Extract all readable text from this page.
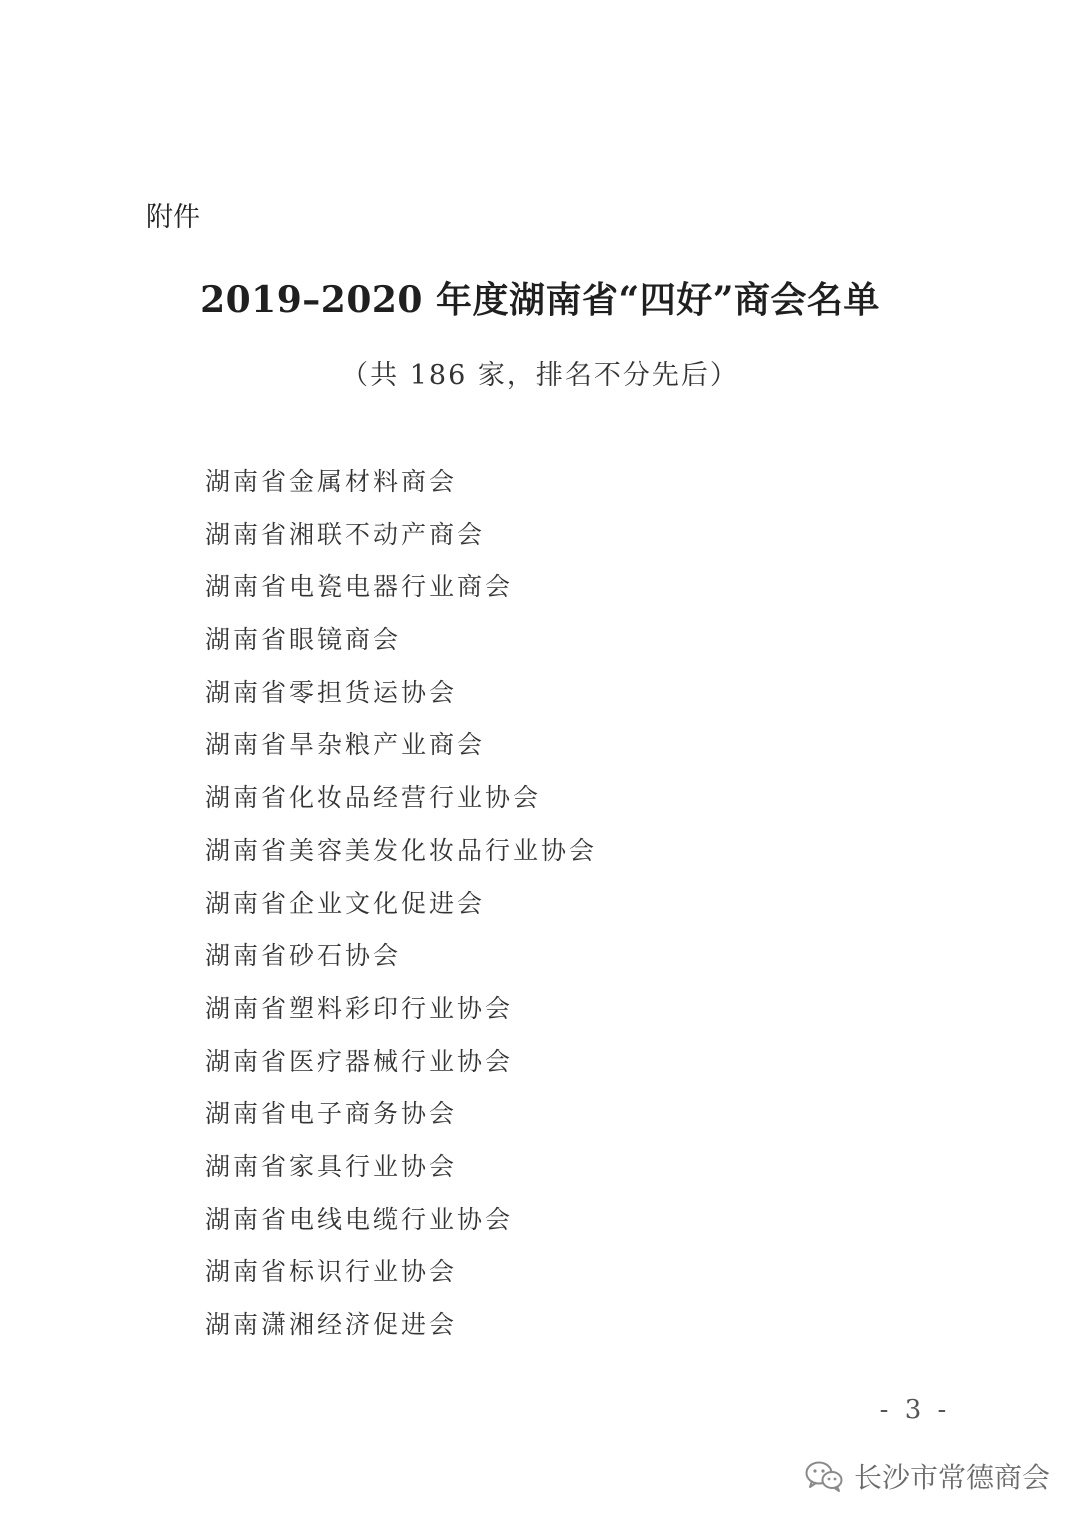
附件
2019–2020 年度湖南省“四好”商会名单
（共 186 家，排名不分先后）
湖南省金属材料商会
湖南省湘联不动产商会
湖南省电瓷电器行业商会
湖南省眼镜商会
湖南省零担货运协会
湖南省旱杂粮产业商会
湖南省化妆品经营行业协会
湖南省美容美发化妆品行业协会
湖南省企业文化促进会
湖南省砂石协会
湖南省塑料彩印行业协会
湖南省医疗器械行业协会
湖南省电子商务协会
湖南省家具行业协会
湖南省电线电缆行业协会
湖南省标识行业协会
湖南潇湘经济促进会
- 3 -
长沙市常德商会
